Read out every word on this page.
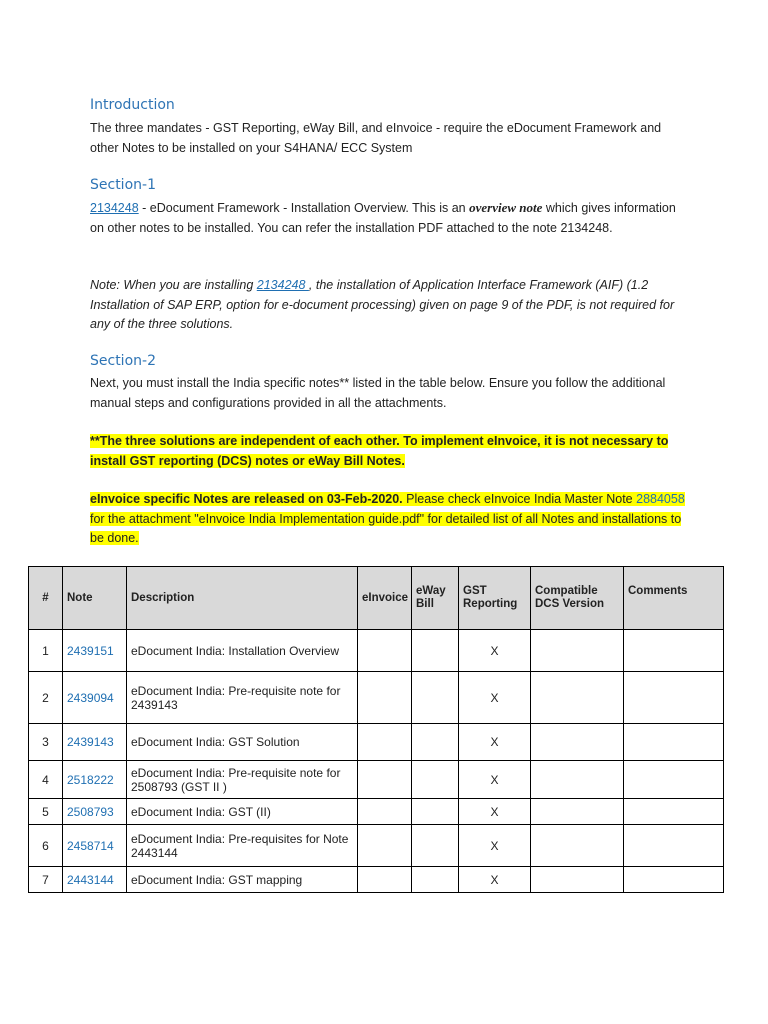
Introduction
The three mandates - GST Reporting, eWay Bill, and eInvoice - require the eDocument Framework and other Notes to be installed on your S4HANA/ ECC System
Section-1
2134248 - eDocument Framework - Installation Overview. This is an overview note which gives information on other notes to be installed. You can refer the installation PDF attached to the note 2134248.
Note: When you are installing 2134248 , the installation of Application Interface Framework (AIF) (1.2 Installation of SAP ERP, option for e-document processing) given on page 9 of the PDF, is not required for any of the three solutions.
Section-2
Next, you must install the India specific notes** listed in the table below. Ensure you follow the additional manual steps and configurations provided in all the attachments.
**The three solutions are independent of each other. To implement eInvoice, it is not necessary to install GST reporting (DCS) notes or eWay Bill Notes.
eInvoice specific Notes are released on 03-Feb-2020. Please check eInvoice India Master Note 2884058 for the attachment "eInvoice India Implementation guide.pdf" for detailed list of all Notes and installations to be done.
#	Note	Description	eInvoice	eWay Bill	GST Reporting	Compatible DCS Version	Comments
1	2439151	eDocument India: Installation Overview			X		
2	2439094	eDocument India: Pre-requisite note for 2439143			X		
3	2439143	eDocument India: GST Solution			X		
4	2518222	eDocument India: Pre-requisite note for 2508793 (GST II )			X		
5	2508793	eDocument India: GST (II)			X		
6	2458714	eDocument India: Pre-requisites for Note 2443144			X		
7	2443144	eDocument India: GST mapping			X		
